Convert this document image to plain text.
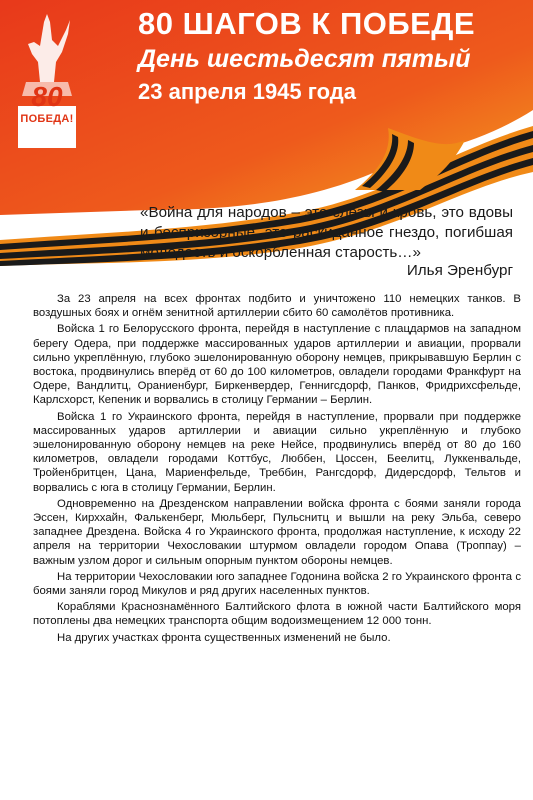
80
ПОБЕДА!
80 ШАГОВ К ПОБЕДЕ
День шестьдесят пятый
23 апреля 1945 года
«Война для народов – это слезы и кровь, это вдовы и беспризорные, это раскиданное гнездо, погибшая молодость и оскорбленная старость…»
Илья Эренбург

За 23 апреля на всех фронтах подбито и уничтожено 110 немецких танков. В воздушных боях и огнём зенитной артиллерии сбито 60 самолётов противника.

Войска 1 го Белорусского фронта, перейдя в наступление с плацдармов на западном берегу Одера, при поддержке массированных ударов артиллерии и авиации, прорвали сильно укреплённую, глубоко эшелонированную оборону немцев, прикрывавшую Берлин с востока, продвинулись вперёд от 60 до 100 километров, овладели городами Франкфурт на Одере, Вандлитц, Ораниенбург, Биркенвердер, Геннигсдорф, Панков, Фридрихсфельде, Карлсхорст, Кепеник и ворвались в столицу Германии – Берлин.

Войска 1 го Украинского фронта, перейдя в наступление, прорвали при поддержке массированных ударов артиллерии и авиации сильно укреплённую и глубоко эшелонированную оборону немцев на реке Нейсе, продвинулись вперёд от 80 до 160 километров, овладели городами Коттбус, Люббен, Цоссен, Беелитц, Луккенвальде, Тройенбритцен, Цана, Мариенфельде, Треббин, Рангсдорф, Дидерсдорф, Тельтов и ворвались с юга в столицу Германии, Берлин.

Одновременно на Дрезденском направлении войска фронта с боями заняли города Эссен, Кирххайн, Фалькенберг, Мюльберг, Пульснитц и вышли на реку Эльба, северо западнее Дрездена. Войска 4 го Украинского фронта, продолжая наступление, к исходу 22 апреля на территории Чехословакии штурмом овладели городом Опава (Троппау) – важным узлом дорог и сильным опорным пунктом обороны немцев.

На территории Чехословакии юго западнее Годонина войска 2 го Украинского фронта с боями заняли город Микулов и ряд других населенных пунктов.

Кораблями Краснознамённого Балтийского флота в южной части Балтийского моря потоплены два немецких транспорта общим водоизмещением 12 000 тонн.

На других участках фронта существенных изменений не было.
